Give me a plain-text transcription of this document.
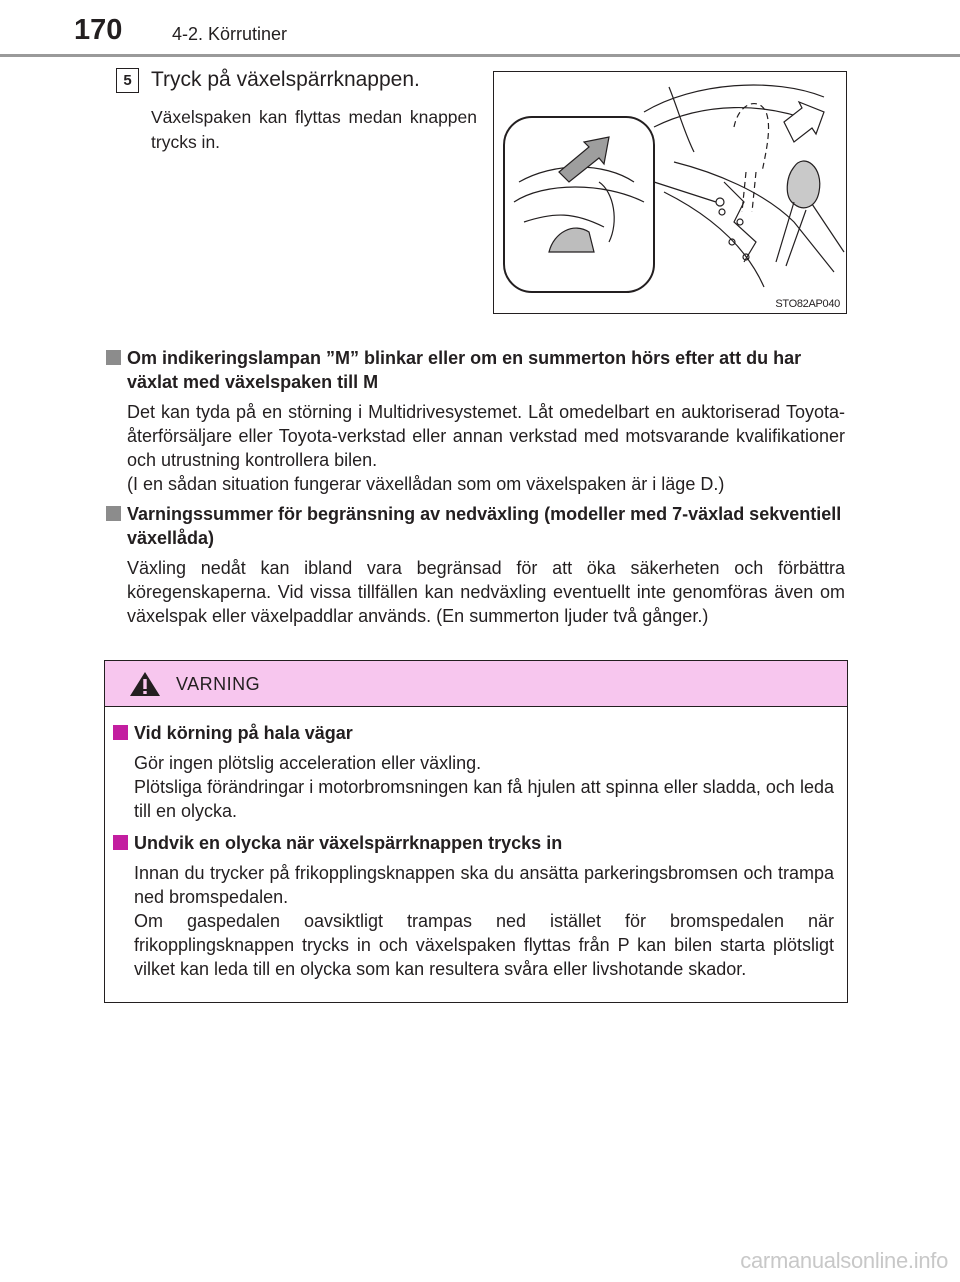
170	4-2. Körrutiner
5 Tryck på växelspärrknappen.
Växelspaken kan flyttas medan knappen trycks in.
STO82AP040
Om indikeringslampan ”M” blinkar eller om en summerton hörs efter att du har växlat med växelspaken till M

Det kan tyda på en störning i Multidrivesystemet. Låt omedelbart en auktoriserad Toyota-återförsäljare eller Toyota-verkstad eller annan verkstad med motsvarande kvalifikationer och utrustning kontrollera bilen.

(I en sådan situation fungerar växellådan som om växelspaken är i läge D.)

Varningssummer för begränsning av nedväxling (modeller med 7-växlad sekventiell växellåda)

Växling nedåt kan ibland vara begränsad för att öka säkerheten och förbättra köregenskaperna. Vid vissa tillfällen kan nedväxling eventuellt inte genomföras även om växelspak eller växelpaddlar används. (En summerton ljuder två gånger.)

VARNING
Vid körning på hala vägar

Gör ingen plötslig acceleration eller växling.

Plötsliga förändringar i motorbromsningen kan få hjulen att spinna eller sladda, och leda till en olycka.

Undvik en olycka när växelspärrknappen trycks in

Innan du trycker på frikopplingsknappen ska du ansätta parkeringsbromsen och trampa ned bromspedalen.

Om gaspedalen oavsiktligt trampas ned istället för bromspedalen när frikopplingsknappen trycks in och växelspaken flyttas från P kan bilen starta plötsligt vilket kan leda till en olycka som kan resultera svåra eller livshotande skador.

carmanualsonline.info
